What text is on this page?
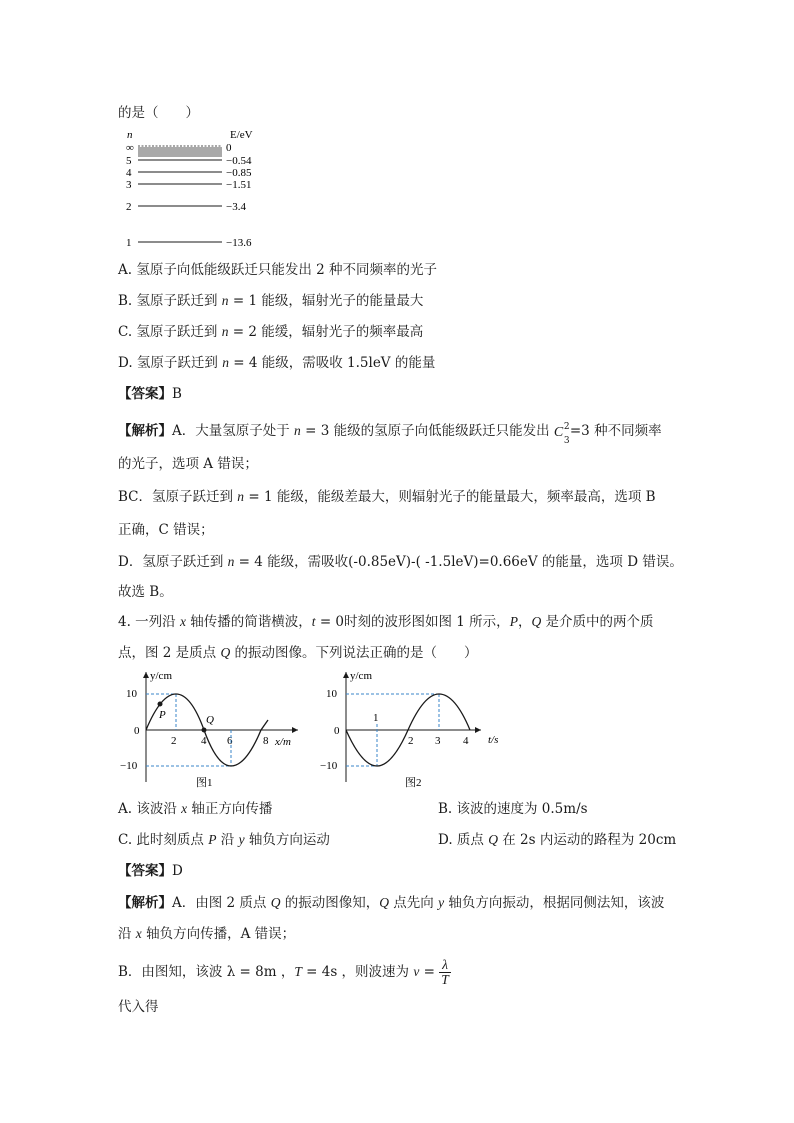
的是（　　）
n	E/eV
∞	0
5	−0.54
4	−0.85
3	−1.51
2	−3.4
1	−13.6
A. 氢原子向低能级跃迁只能发出 2 种不同频率的光子
B. 氢原子跃迁到 n = 1 能级，辐射光子的能量最大
C. 氢原子跃迁到 n = 2 能缓，辐射光子的频率最高
D. 氢原子跃迁到 n = 4 能级，需吸收 1.5leV 的能量
【答案】B
【解析】A．大量氢原子处于 n = 3 能级的氢原子向低能级跃迁只能发出 C 2
3
=3 种不同频率
的光子，选项 A 错误；
BC．氢原子跃迁到 n = 1 能级，能级差最大，则辐射光子的能量最大，频率最高，选项 B
正确，C 错误；
D．氢原子跃迁到 n = 4 能级，需吸收(-0.85eV)-( -1.5leV)=0.66eV 的能量，选项 D 错误。
故选 B。
4. 一列沿 x 轴传播的简谐横波，t = 0时刻的波形图如图 1 所示，P，Q 是介质中的两个质
点，图 2 是质点 Q 的振动图像。下列说法正确的是（　　）
y/cm
x/m
10
0
−10
2 4 6	8
P	Q
图1
y/cm
t/s
10
0
−10
1
2 3 4
图2
A. 该波沿 x 轴正方向传播	B. 该波的速度为 0.5m/s
C. 此时刻质点 P 沿 y 轴负方向运动	D. 质点 Q 在 2s 内运动的路程为 20cm
【答案】D
【解析】A．由图 2 质点 Q 的振动图像知，Q 点先向 y 轴负方向振动，根据同侧法知，该波
沿 x 轴负方向传播，A 错误；
B．由图知，该波 λ = 8m ，T = 4s ，则波速为 $v = \frac{\lambda}{T}$
代入得
